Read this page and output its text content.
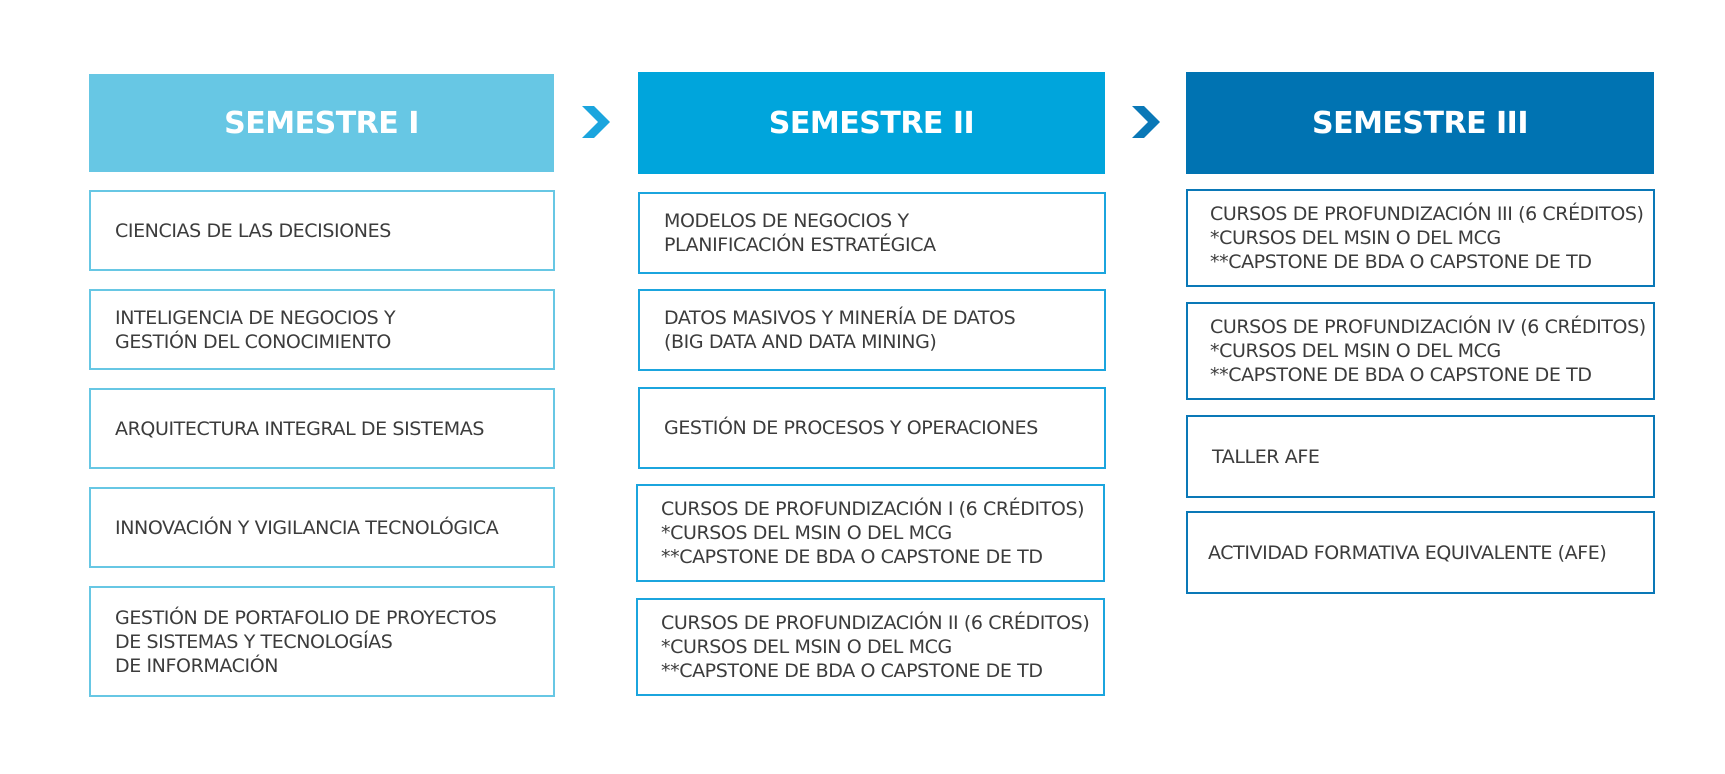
SEMESTRE I
CIENCIAS DE LAS DECISIONES
INTELIGENCIA DE NEGOCIOS Y
GESTIÓN DEL CONOCIMIENTO
ARQUITECTURA INTEGRAL DE SISTEMAS
INNOVACIÓN Y VIGILANCIA TECNOLÓGICA
GESTIÓN DE PORTAFOLIO DE PROYECTOS
DE SISTEMAS Y TECNOLOGÍAS
DE INFORMACIÓN
SEMESTRE II
MODELOS DE NEGOCIOS Y
PLANIFICACIÓN ESTRATÉGICA
DATOS MASIVOS Y MINERÍA DE DATOS
(BIG DATA AND DATA MINING)
GESTIÓN DE PROCESOS Y OPERACIONES
CURSOS DE PROFUNDIZACIÓN I (6 CRÉDITOS)
*CURSOS DEL MSIN O DEL MCG
**CAPSTONE DE BDA O CAPSTONE DE TD
CURSOS DE PROFUNDIZACIÓN II (6 CRÉDITOS)
*CURSOS DEL MSIN O DEL MCG
**CAPSTONE DE BDA O CAPSTONE DE TD
SEMESTRE III
CURSOS DE PROFUNDIZACIÓN III (6 CRÉDITOS)
*CURSOS DEL MSIN O DEL MCG
**CAPSTONE DE BDA O CAPSTONE DE TD
CURSOS DE PROFUNDIZACIÓN IV (6 CRÉDITOS)
*CURSOS DEL MSIN O DEL MCG
**CAPSTONE DE BDA O CAPSTONE DE TD
TALLER AFE
ACTIVIDAD FORMATIVA EQUIVALENTE (AFE)
